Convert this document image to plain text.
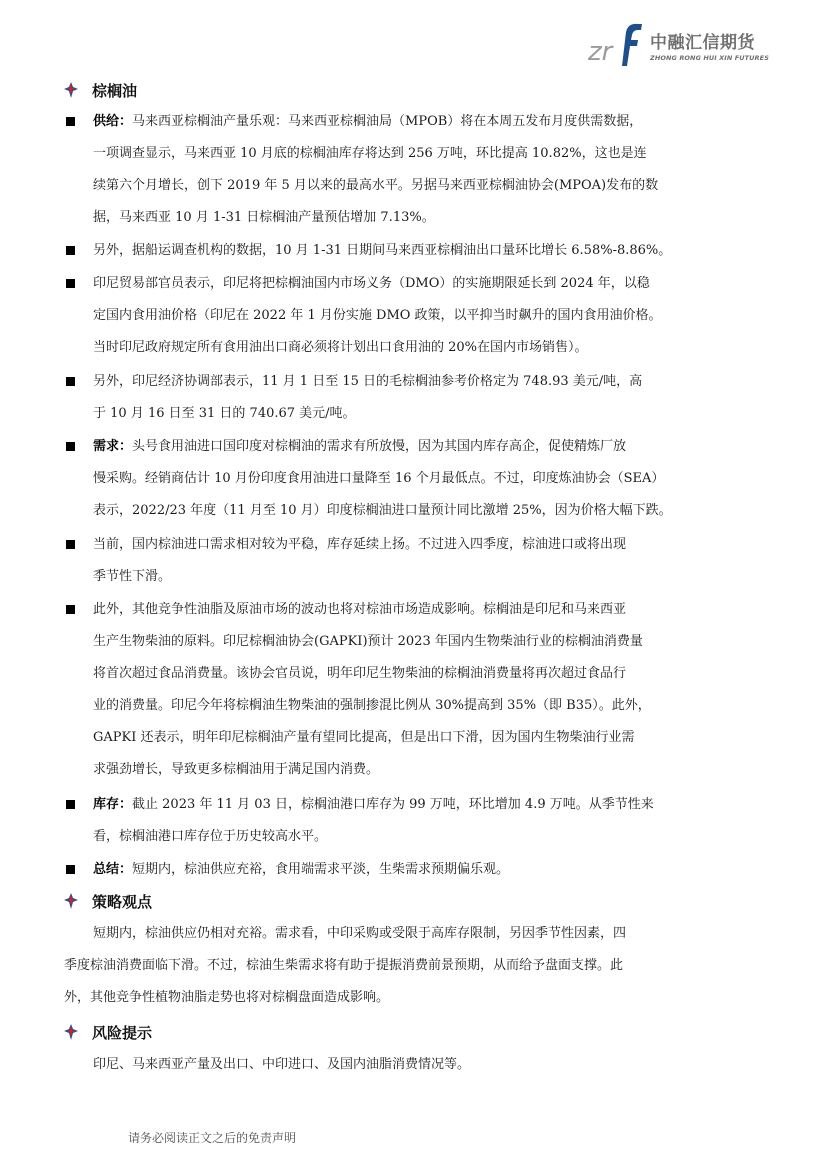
zr 中融汇信期货
ZHONG RONG HUI XIN FUTURES
棕榈油
供给：马来西亚棕榈油产量乐观：马来西亚棕榈油局（MPOB）将在本周五发布月度供需数据，
一项调查显示，马来西亚 10 月底的棕榈油库存将达到 256 万吨，环比提高 10.82%，这也是连
续第六个月增长，创下 2019 年 5 月以来的最高水平。另据马来西亚棕榈油协会(MPOA)发布的数
据，马来西亚 10 月 1-31 日棕榈油产量预估增加 7.13%。
另外，据船运调查机构的数据，10 月 1-31 日期间马来西亚棕榈油出口量环比增长 6.58%-8.86%。
印尼贸易部官员表示，印尼将把棕榈油国内市场义务（DMO）的实施期限延长到 2024 年，以稳
定国内食用油价格（印尼在 2022 年 1 月份实施 DMO 政策，以平抑当时飙升的国内食用油价格。
当时印尼政府规定所有食用油出口商必须将计划出口食用油的 20%在国内市场销售）。
另外，印尼经济协调部表示，11 月 1 日至 15 日的毛棕榈油参考价格定为 748.93 美元/吨，高
于 10 月 16 日至 31 日的 740.67 美元/吨。
需求：头号食用油进口国印度对棕榈油的需求有所放慢，因为其国内库存高企，促使精炼厂放
慢采购。经销商估计 10 月份印度食用油进口量降至 16 个月最低点。不过，印度炼油协会（SEA）
表示，2022/23 年度（11 月至 10 月）印度棕榈油进口量预计同比激增 25%，因为价格大幅下跌。
当前，国内棕油进口需求相对较为平稳，库存延续上扬。不过进入四季度，棕油进口或将出现
季节性下滑。
此外，其他竞争性油脂及原油市场的波动也将对棕油市场造成影响。棕榈油是印尼和马来西亚
生产生物柴油的原料。印尼棕榈油协会(GAPKI)预计 2023 年国内生物柴油行业的棕榈油消费量
将首次超过食品消费量。该协会官员说，明年印尼生物柴油的棕榈油消费量将再次超过食品行
业的消费量。印尼今年将棕榈油生物柴油的强制掺混比例从 30%提高到 35%（即 B35）。此外，
GAPKI 还表示，明年印尼棕榈油产量有望同比提高，但是出口下滑，因为国内生物柴油行业需
求强劲增长，导致更多棕榈油用于满足国内消费。
库存：截止 2023 年 11 月 03 日，棕榈油港口库存为 99 万吨，环比增加 4.9 万吨。从季节性来
看，棕榈油港口库存位于历史较高水平。
总结：短期内，棕油供应充裕，食用端需求平淡，生柴需求预期偏乐观。
策略观点
短期内，棕油供应仍相对充裕。需求看，中印采购或受限于高库存限制，另因季节性因素，四
季度棕油消费面临下滑。不过，棕油生柴需求将有助于提振消费前景预期，从而给予盘面支撑。此
外，其他竞争性植物油脂走势也将对棕榈盘面造成影响。
风险提示
印尼、马来西亚产量及出口、中印进口、及国内油脂消费情况等。
请务必阅读正文之后的免责声明
